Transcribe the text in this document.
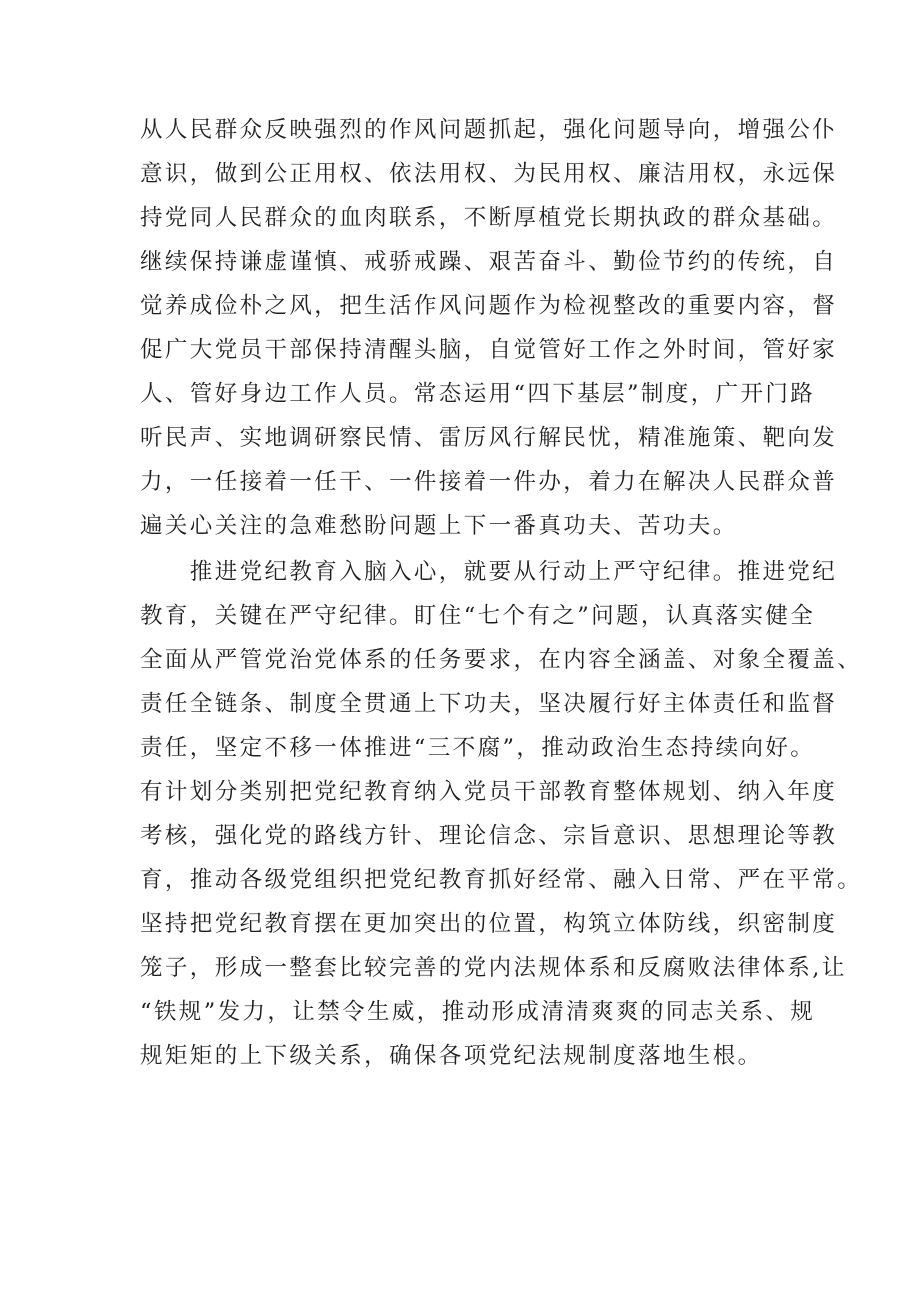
从人民群众反映强烈的作风问题抓起，强化问题导向，增强公仆
意识，做到公正用权、依法用权、为民用权、廉洁用权，永远保
持党同人民群众的血肉联系，不断厚植党长期执政的群众基础。
继续保持谦虚谨慎、戒骄戒躁、艰苦奋斗、勤俭节约的传统，自
觉养成俭朴之风，把生活作风问题作为检视整改的重要内容，督
促广大党员干部保持清醒头脑，自觉管好工作之外时间，管好家
人、管好身边工作人员。常态运用“四下基层”制度，广开门路
听民声、实地调研察民情、雷厉风行解民忧，精准施策、靶向发
力，一任接着一任干、一件接着一件办，着力在解决人民群众普
遍关心关注的急难愁盼问题上下一番真功夫、苦功夫。
　　推进党纪教育入脑入心，就要从行动上严守纪律。推进党纪
教育，关键在严守纪律。盯住“七个有之”问题，认真落实健全
全面从严管党治党体系的任务要求，在内容全涵盖、对象全覆盖、
责任全链条、制度全贯通上下功夫，坚决履行好主体责任和监督
责任，坚定不移一体推进“三不腐”，推动政治生态持续向好。
有计划分类别把党纪教育纳入党员干部教育整体规划、纳入年度
考核，强化党的路线方针、理论信念、宗旨意识、思想理论等教
育，推动各级党组织把党纪教育抓好经常、融入日常、严在平常。
坚持把党纪教育摆在更加突出的位置，构筑立体防线，织密制度
笼子，形成一整套比较完善的党内法规体系和反腐败法律体系,让
“铁规”发力，让禁令生威，推动形成清清爽爽的同志关系、规
规矩矩的上下级关系，确保各项党纪法规制度落地生根。
